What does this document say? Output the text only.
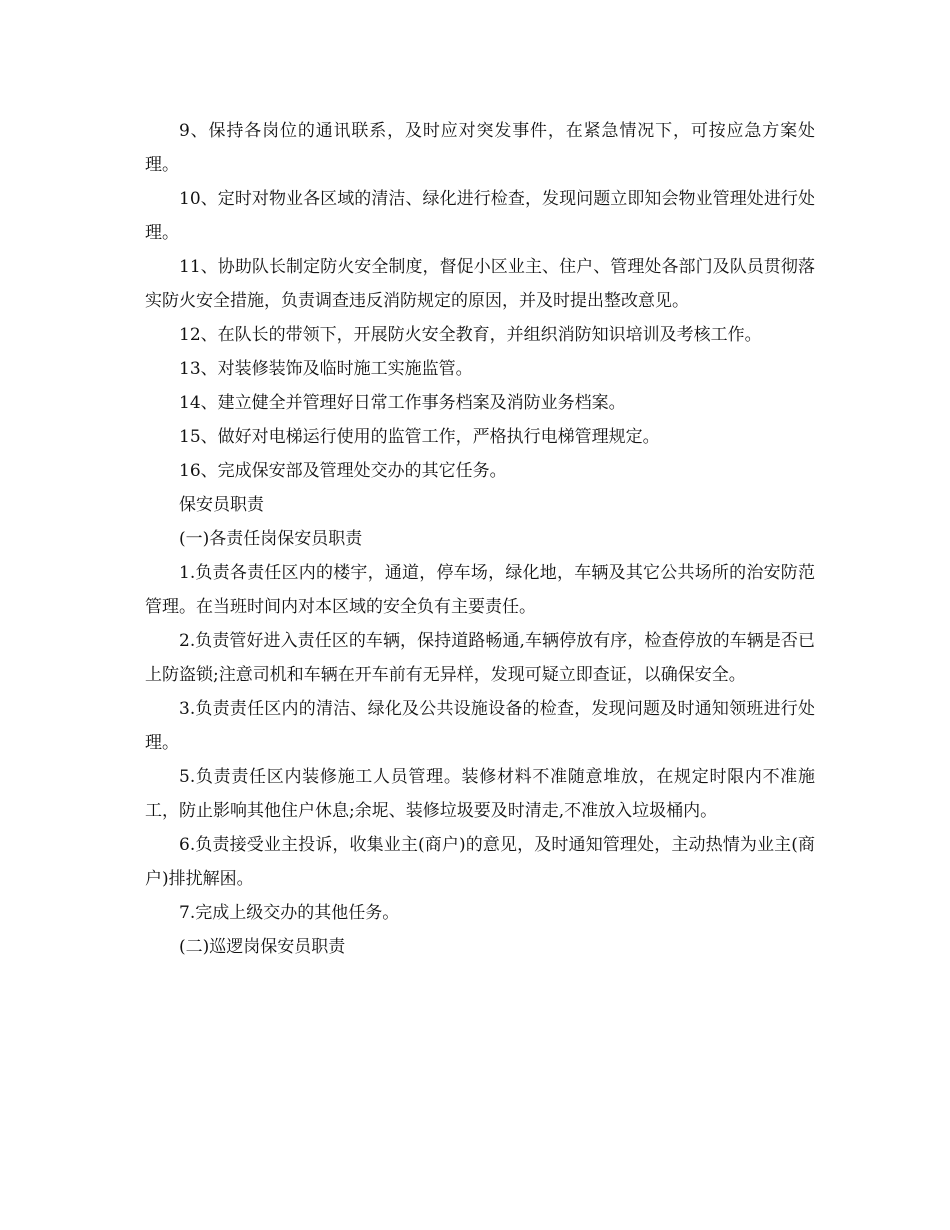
9、保持各岗位的通讯联系，及时应对突发事件，在紧急情况下，可按应急方案处理。

10、定时对物业各区域的清洁、绿化进行检查，发现问题立即知会物业管理处进行处理。

11、协助队长制定防火安全制度，督促小区业主、住户、管理处各部门及队员贯彻落实防火安全措施，负责调查违反消防规定的原因，并及时提出整改意见。

12、在队长的带领下，开展防火安全教育，并组织消防知识培训及考核工作。

13、对装修装饰及临时施工实施监管。

14、建立健全并管理好日常工作事务档案及消防业务档案。

15、做好对电梯运行使用的监管工作，严格执行电梯管理规定。

16、完成保安部及管理处交办的其它任务。

保安员职责

(一)各责任岗保安员职责

1.负责各责任区内的楼宇，通道，停车场，绿化地，车辆及其它公共场所的治安防范管理。在当班时间内对本区域的安全负有主要责任。

2.负责管好进入责任区的车辆，保持道路畅通,车辆停放有序，检查停放的车辆是否已上防盗锁;注意司机和车辆在开车前有无异样，发现可疑立即查证，以确保安全。

3.负责责任区内的清洁、绿化及公共设施设备的检查，发现问题及时通知领班进行处理。

5.负责责任区内装修施工人员管理。装修材料不准随意堆放，在规定时限内不准施工，防止影响其他住户休息;余坭、装修垃圾要及时清走,不准放入垃圾桶内。

6.负责接受业主投诉，收集业主(商户)的意见，及时通知管理处，主动热情为业主(商户)排扰解困。

7.完成上级交办的其他任务。

(二)巡逻岗保安员职责
